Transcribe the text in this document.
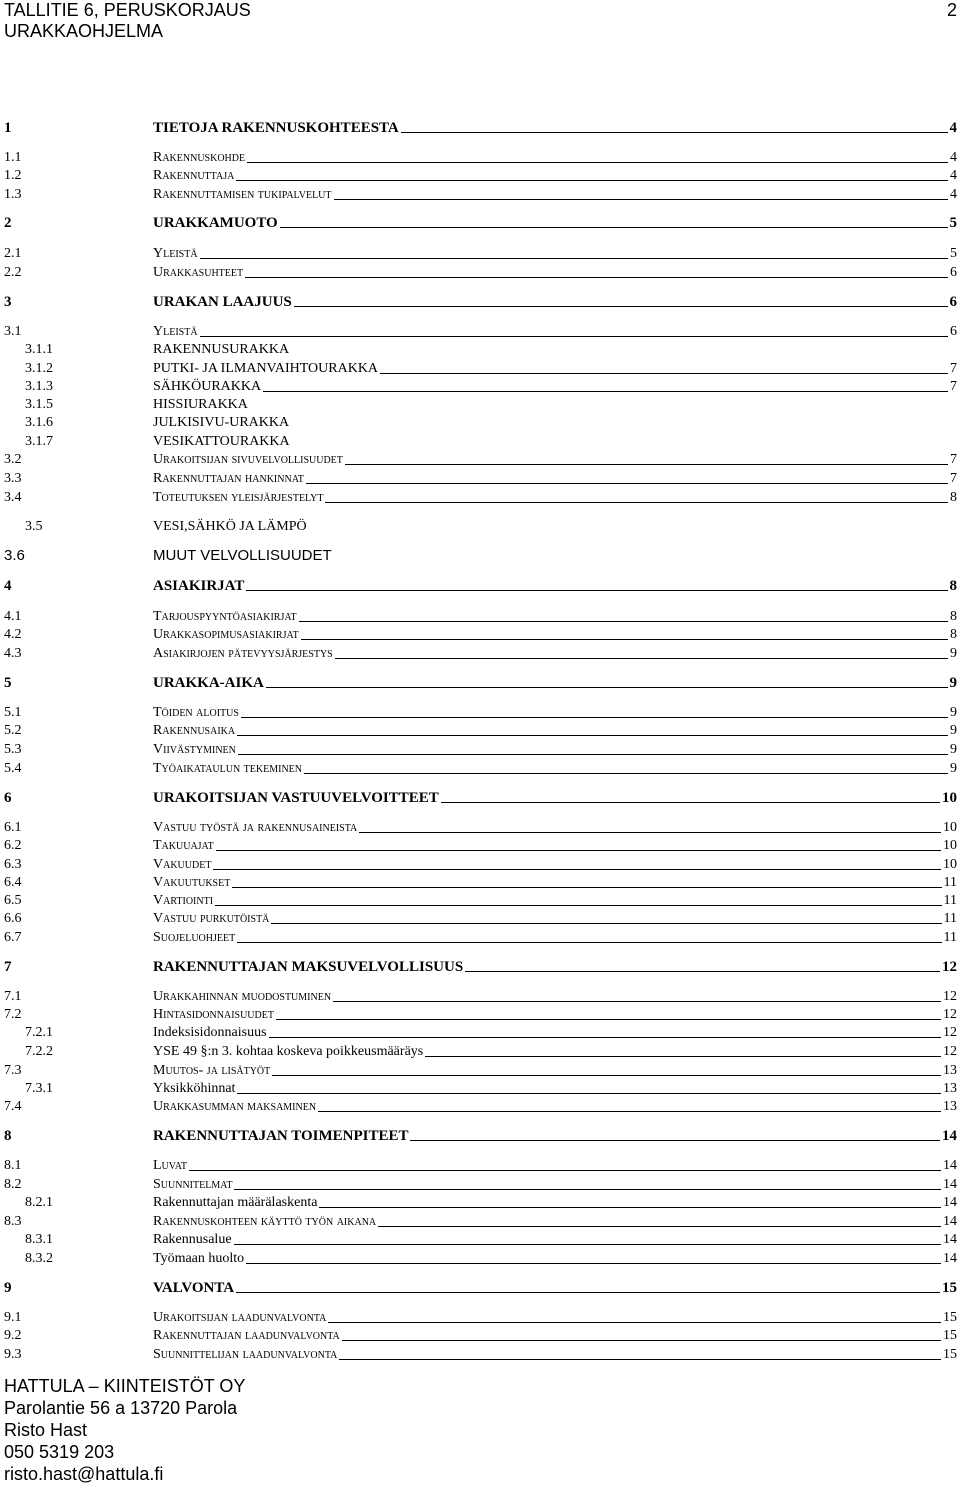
TALLITIE 6, PERUSKORJAUS
URAKKAOHJELMA
2
1	TIETOJA RAKENNUSKOHTEESTA	4
1.1	Rakennuskohde	4
1.2	Rakennuttaja	4
1.3	Rakennuttamisen tukipalvelut	4
2	URAKKAMUOTO	5
2.1	Yleistä	5
2.2	Urakkasuhteet	6
3	URAKAN LAAJUUS	6
3.1	Yleistä	6
3.1.1	RAKENNUSURAKKA
3.1.2	PUTKI- JA ILMANVAIHTOURAKKA	7
3.1.3	SÄHKÖURAKKA	7
3.1.5	HISSIURAKKA
3.1.6	JULKISIVU-URAKKA
3.1.7	VESIKATTOURAKKA
3.2	Urakoitsijan sivuvelvollisuudet	7
3.3	Rakennuttajan hankinnat	7
3.4	Toteutuksen yleisjärjestelyt	8
3.5	VESI,SÄHKÖ JA LÄMPÖ
3.6	MUUT VELVOLLISUUDET
4	ASIAKIRJAT	8
4.1	Tarjouspyyntöasiakirjat	8
4.2	Urakkasopimusasiakirjat	8
4.3	Asiakirjojen pätevyysjärjestys	9
5	URAKKA-AIKA	9
5.1	Töiden aloitus	9
5.2	Rakennusaika	9
5.3	Viivästyminen	9
5.4	Työaikataulun tekeminen	9
6	URAKOITSIJAN VASTUUVELVOITTEET	10
6.1	Vastuu työstä ja rakennusaineista	10
6.2	Takuuajat	10
6.3	Vakuudet	10
6.4	Vakuutukset	11
6.5	Vartiointi	11
6.6	Vastuu purkutöistä	11
6.7	Suojeluohjeet	11
7	RAKENNUTTAJAN MAKSUVELVOLLISUUS	12
7.1	Urakkahinnan muodostuminen	12
7.2	Hintasidonnaisuudet	12
7.2.1	Indeksisidonnaisuus	12
7.2.2	YSE 49 §:n 3. kohtaa koskeva poikkeusmääräys	12
7.3	Muutos- ja lisätyöt	13
7.3.1	Yksikköhinnat	13
7.4	Urakkasumman maksaminen	13
8	RAKENNUTTAJAN TOIMENPITEET	14
8.1	Luvat	14
8.2	Suunnitelmat	14
8.2.1	Rakennuttajan määrälaskenta	14
8.3	Rakennuskohteen käyttö työn aikana	14
8.3.1	Rakennusalue	14
8.3.2	Työmaan huolto	14
9	VALVONTA	15
9.1	Urakoitsijan laadunvalvonta	15
9.2	Rakennuttajan laadunvalvonta	15
9.3	Suunnittelijan laadunvalvonta	15
HATTULA – KIINTEISTÖT OY
Parolantie 56 a 13720 Parola
Risto Hast
050 5319 203
risto.hast@hattula.fi
